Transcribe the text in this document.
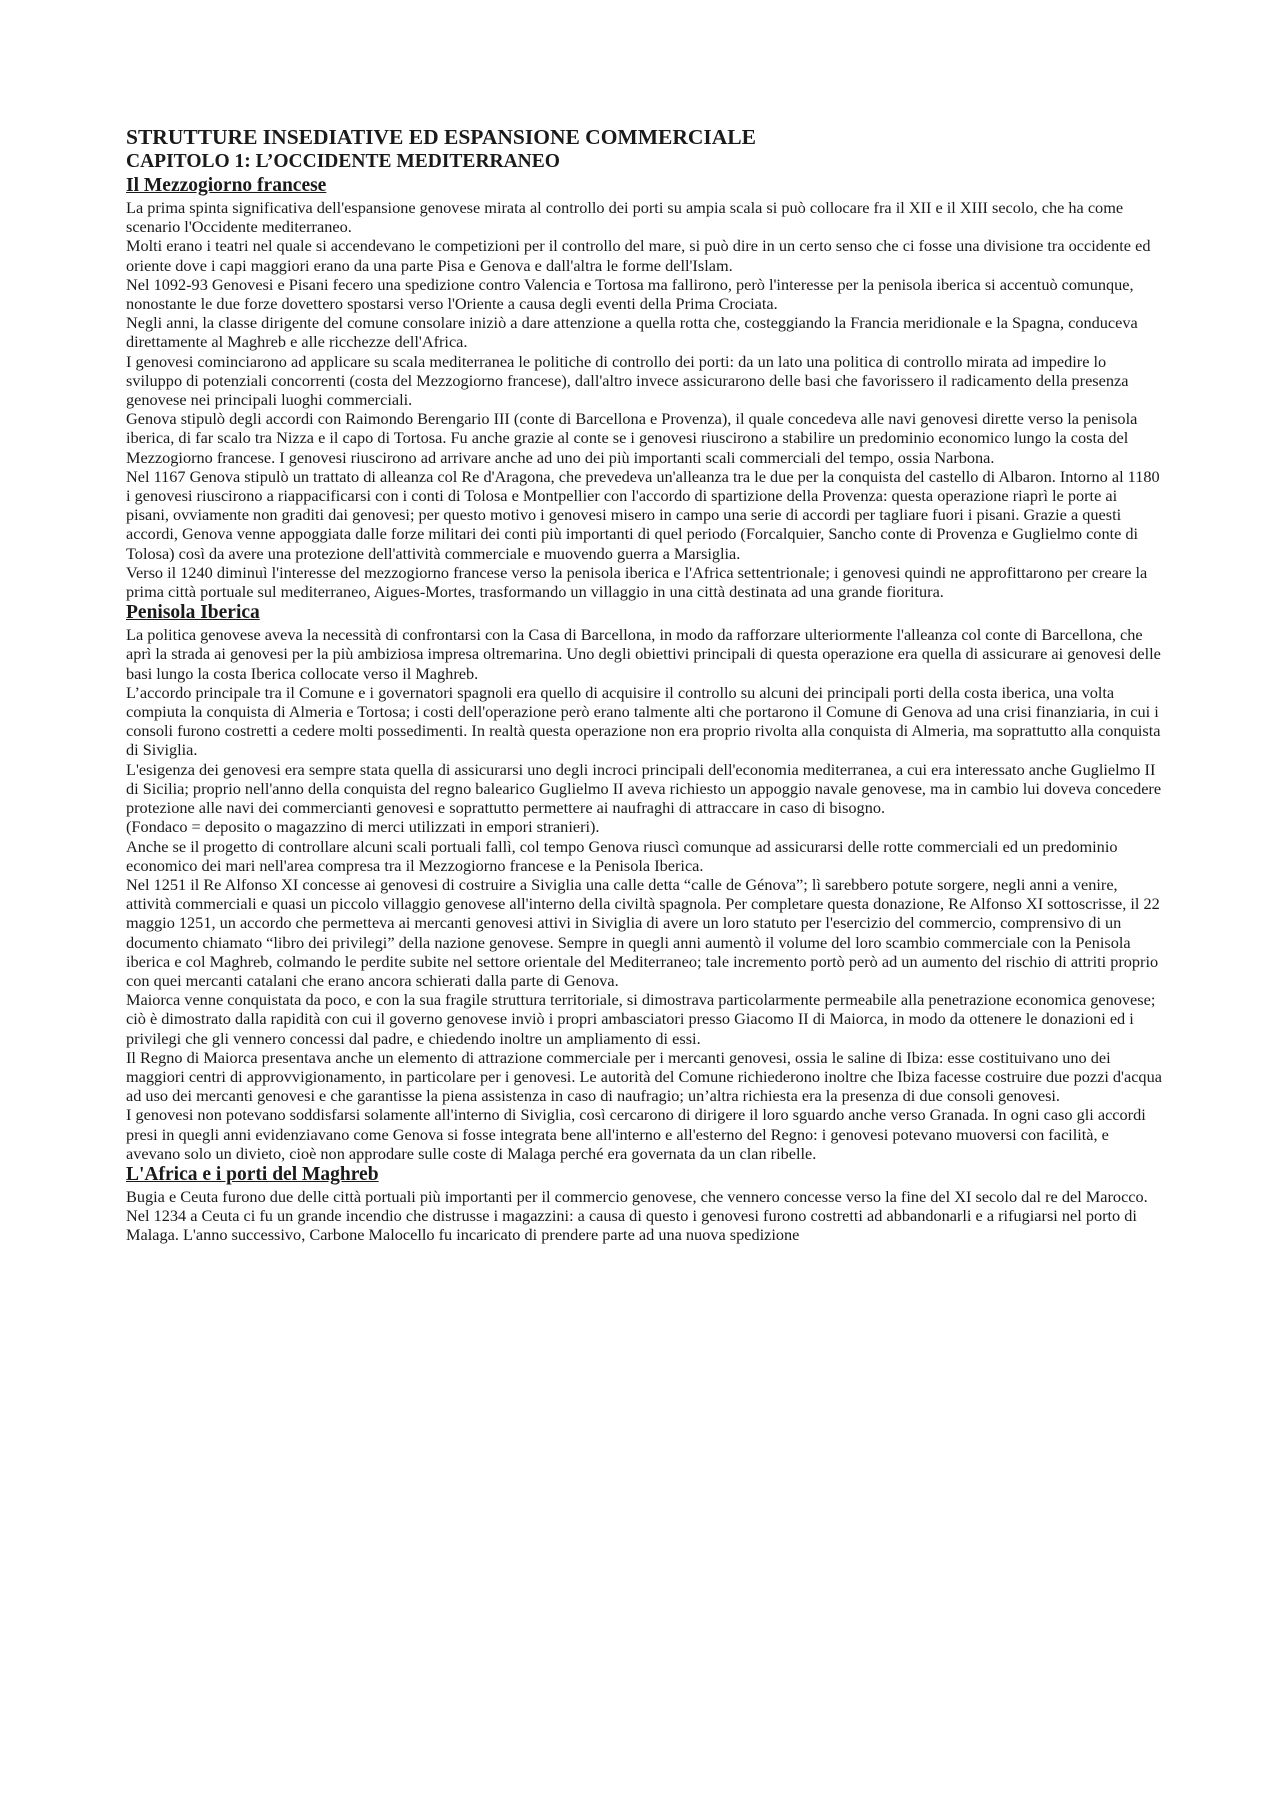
STRUTTURE INSEDIATIVE ED ESPANSIONE COMMERCIALE
CAPITOLO 1: L’OCCIDENTE MEDITERRANEO
Il Mezzogiorno francese

La prima spinta significativa dell'espansione genovese mirata al controllo dei porti su ampia scala si può collocare fra il XII e il XIII secolo, che ha come scenario l'Occidente mediterraneo.

Molti erano i teatri nel quale si accendevano le competizioni per il controllo del mare, si può dire in un certo senso che ci fosse una divisione tra occidente ed oriente dove i capi maggiori erano da una parte Pisa e Genova e dall'altra le forme dell'Islam.

Nel 1092-93 Genovesi e Pisani fecero una spedizione contro Valencia e Tortosa ma fallirono, però l'interesse per la penisola iberica si accentuò comunque, nonostante le due forze dovettero spostarsi verso l'Oriente a causa degli eventi della Prima Crociata.

Negli anni, la classe dirigente del comune consolare iniziò a dare attenzione a quella rotta che, costeggiando la Francia meridionale e la Spagna, conduceva direttamente al Maghreb e alle ricchezze dell'Africa.

I genovesi cominciarono ad applicare su scala mediterranea le politiche di controllo dei porti: da un lato una politica di controllo mirata ad impedire lo sviluppo di potenziali concorrenti (costa del Mezzogiorno francese), dall'altro invece assicurarono delle basi che favorissero il radicamento della presenza genovese nei principali luoghi commerciali.

Genova stipulò degli accordi con Raimondo Berengario III (conte di Barcellona e Provenza), il quale concedeva alle navi genovesi dirette verso la penisola iberica, di far scalo tra Nizza e il capo di Tortosa. Fu anche grazie al conte se i genovesi riuscirono a stabilire un predominio economico lungo la costa del Mezzogiorno francese. I genovesi riuscirono ad arrivare anche ad uno dei più importanti scali commerciali del tempo, ossia Narbona.

Nel 1167 Genova stipulò un trattato di alleanza col Re d'Aragona, che prevedeva un'alleanza tra le due per la conquista del castello di Albaron. Intorno al 1180 i genovesi riuscirono a riappacificarsi con i conti di Tolosa e Montpellier con l'accordo di spartizione della Provenza: questa operazione riaprì le porte ai pisani, ovviamente non graditi dai genovesi; per questo motivo i genovesi misero in campo una serie di accordi per tagliare fuori i pisani. Grazie a questi accordi, Genova venne appoggiata dalle forze militari dei conti più importanti di quel periodo (Forcalquier, Sancho conte di Provenza e Guglielmo conte di Tolosa) così da avere una protezione dell'attività commerciale e muovendo guerra a Marsiglia.

Verso il 1240 diminuì l'interesse del mezzogiorno francese verso la penisola iberica e l'Africa settentrionale; i genovesi quindi ne approfittarono per creare la prima città portuale sul mediterraneo, Aigues-Mortes, trasformando un villaggio in una città destinata ad una grande fioritura.

Penisola Iberica

La politica genovese aveva la necessità di confrontarsi con la Casa di Barcellona, in modo da rafforzare ulteriormente l'alleanza col conte di Barcellona, che aprì la strada ai genovesi per la più ambiziosa impresa oltremarina. Uno degli obiettivi principali di questa operazione era quella di assicurare ai genovesi delle basi lungo la costa Iberica collocate verso il Maghreb.

L’accordo principale tra il Comune e i governatori spagnoli era quello di acquisire il controllo su alcuni dei principali porti della costa iberica, una volta compiuta la conquista di Almeria e Tortosa; i costi dell'operazione però erano talmente alti che portarono il Comune di Genova ad una crisi finanziaria, in cui i consoli furono costretti a cedere molti possedimenti. In realtà questa operazione non era proprio rivolta alla conquista di Almeria, ma soprattutto alla conquista di Siviglia.

L'esigenza dei genovesi era sempre stata quella di assicurarsi uno degli incroci principali dell'economia mediterranea, a cui era interessato anche Guglielmo II di Sicilia; proprio nell'anno della conquista del regno balearico Guglielmo II aveva richiesto un appoggio navale genovese, ma in cambio lui doveva concedere protezione alle navi dei commercianti genovesi e soprattutto permettere ai naufraghi di attraccare in caso di bisogno.

(Fondaco = deposito o magazzino di merci utilizzati in empori stranieri).

Anche se il progetto di controllare alcuni scali portuali fallì, col tempo Genova riuscì comunque ad assicurarsi delle rotte commerciali ed un predominio economico dei mari nell'area compresa tra il Mezzogiorno francese e la Penisola Iberica.

Nel 1251 il Re Alfonso XI concesse ai genovesi di costruire a Siviglia una calle detta “calle de Génova”; lì sarebbero potute sorgere, negli anni a venire, attività commerciali e quasi un piccolo villaggio genovese all'interno della civiltà spagnola. Per completare questa donazione, Re Alfonso XI sottoscrisse, il 22 maggio 1251, un accordo che permetteva ai mercanti genovesi attivi in Siviglia di avere un loro statuto per l'esercizio del commercio, comprensivo di un documento chiamato “libro dei privilegi” della nazione genovese. Sempre in quegli anni aumentò il volume del loro scambio commerciale con la Penisola iberica e col Maghreb, colmando le perdite subite nel settore orientale del Mediterraneo; tale incremento portò però ad un aumento del rischio di attriti proprio con quei mercanti catalani che erano ancora schierati dalla parte di Genova.

Maiorca venne conquistata da poco, e con la sua fragile struttura territoriale, si dimostrava particolarmente permeabile alla penetrazione economica genovese; ciò è dimostrato dalla rapidità con cui il governo genovese inviò i propri ambasciatori presso Giacomo II di Maiorca, in modo da ottenere le donazioni ed i privilegi che gli vennero concessi dal padre, e chiedendo inoltre un ampliamento di essi.

Il Regno di Maiorca presentava anche un elemento di attrazione commerciale per i mercanti genovesi, ossia le saline di Ibiza: esse costituivano uno dei maggiori centri di approvvigionamento, in particolare per i genovesi. Le autorità del Comune richiederono inoltre che Ibiza facesse costruire due pozzi d'acqua ad uso dei mercanti genovesi e che garantisse la piena assistenza in caso di naufragio; un’altra richiesta era la presenza di due consoli genovesi.

I genovesi non potevano soddisfarsi solamente all'interno di Siviglia, così cercarono di dirigere il loro sguardo anche verso Granada. In ogni caso gli accordi presi in quegli anni evidenziavano come Genova si fosse integrata bene all'interno e all'esterno del Regno: i genovesi potevano muoversi con facilità, e avevano solo un divieto, cioè non approdare sulle coste di Malaga perché era governata da un clan ribelle.

L'Africa e i porti del Maghreb

Bugia e Ceuta furono due delle città portuali più importanti per il commercio genovese, che vennero concesse verso la fine del XI secolo dal re del Marocco.

Nel 1234 a Ceuta ci fu un grande incendio che distrusse i magazzini: a causa di questo i genovesi furono costretti ad abbandonarli e a rifugiarsi nel porto di Malaga. L'anno successivo, Carbone Malocello fu incaricato di prendere parte ad una nuova spedizione
